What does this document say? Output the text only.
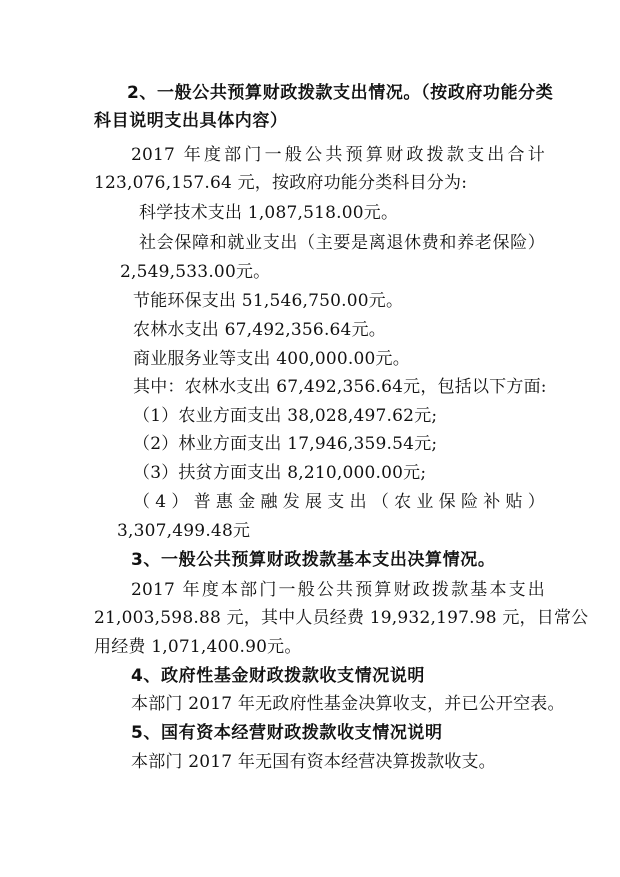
2、一般公共预算财政拨款支出情况。（按政府功能分类
科目说明支出具体内容）
2017 年度部门一般公共预算财政拨款支出合计
123,076,157.64 元，按政府功能分类科目分为:
科学技术支出 1,087,518.00元。
社会保障和就业支出（主要是离退休费和养老保险）
2,549,533.00元。
节能环保支出 51,546,750.00元。
农林水支出 67,492,356.64元。
商业服务业等支出 400,000.00元。
其中：农林水支出 67,492,356.64元，包括以下方面:
（1）农业方面支出 38,028,497.62元;
（2）林业方面支出 17,946,359.54元;
（3）扶贫方面支出 8,210,000.00元;
（4）普惠金融发展支出（农业保险补贴）
3,307,499.48元
3、一般公共预算财政拨款基本支出决算情况。
2017 年度本部门一般公共预算财政拨款基本支出
21,003,598.88 元，其中人员经费 19,932,197.98 元，日常公
用经费 1,071,400.90元。
4、政府性基金财政拨款收支情况说明
本部门 2017 年无政府性基金决算收支，并已公开空表。
5、国有资本经营财政拨款收支情况说明
本部门 2017 年无国有资本经营决算拨款收支。
